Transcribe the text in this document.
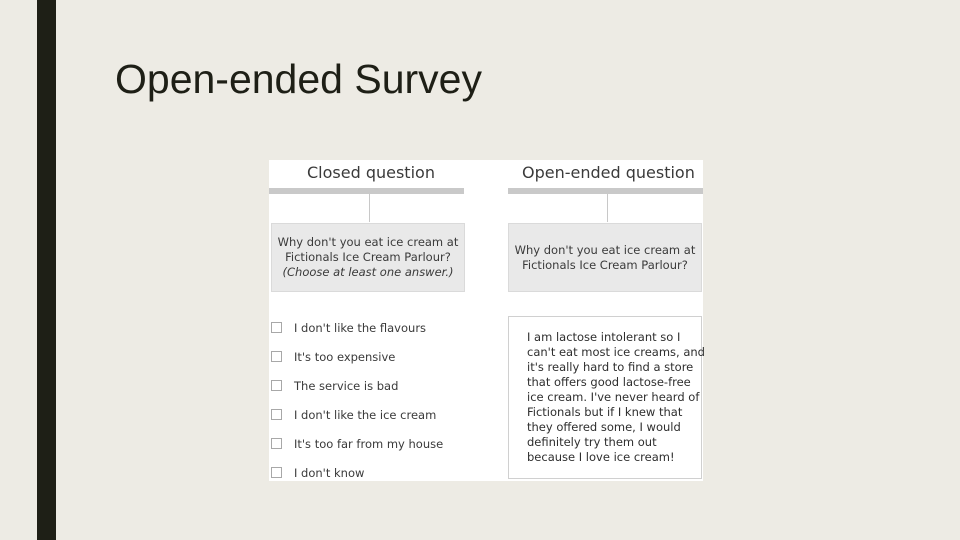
Open-ended Survey
Closed question
Why don't you eat ice cream at
Fictionals Ice Cream Parlour?
(Choose at least one answer.)
I don't like the flavours
It's too expensive
The service is bad
I don't like the ice cream
It's too far from my house
I don't know
Open-ended question
Why don't you eat ice cream at
Fictionals Ice Cream Parlour?
I am lactose intolerant so I
can't eat most ice creams, and
it's really hard to find a store
that offers good lactose-free
ice cream. I've never heard of
Fictionals but if I knew that
they offered some, I would
definitely try them out
because I love ice cream!
